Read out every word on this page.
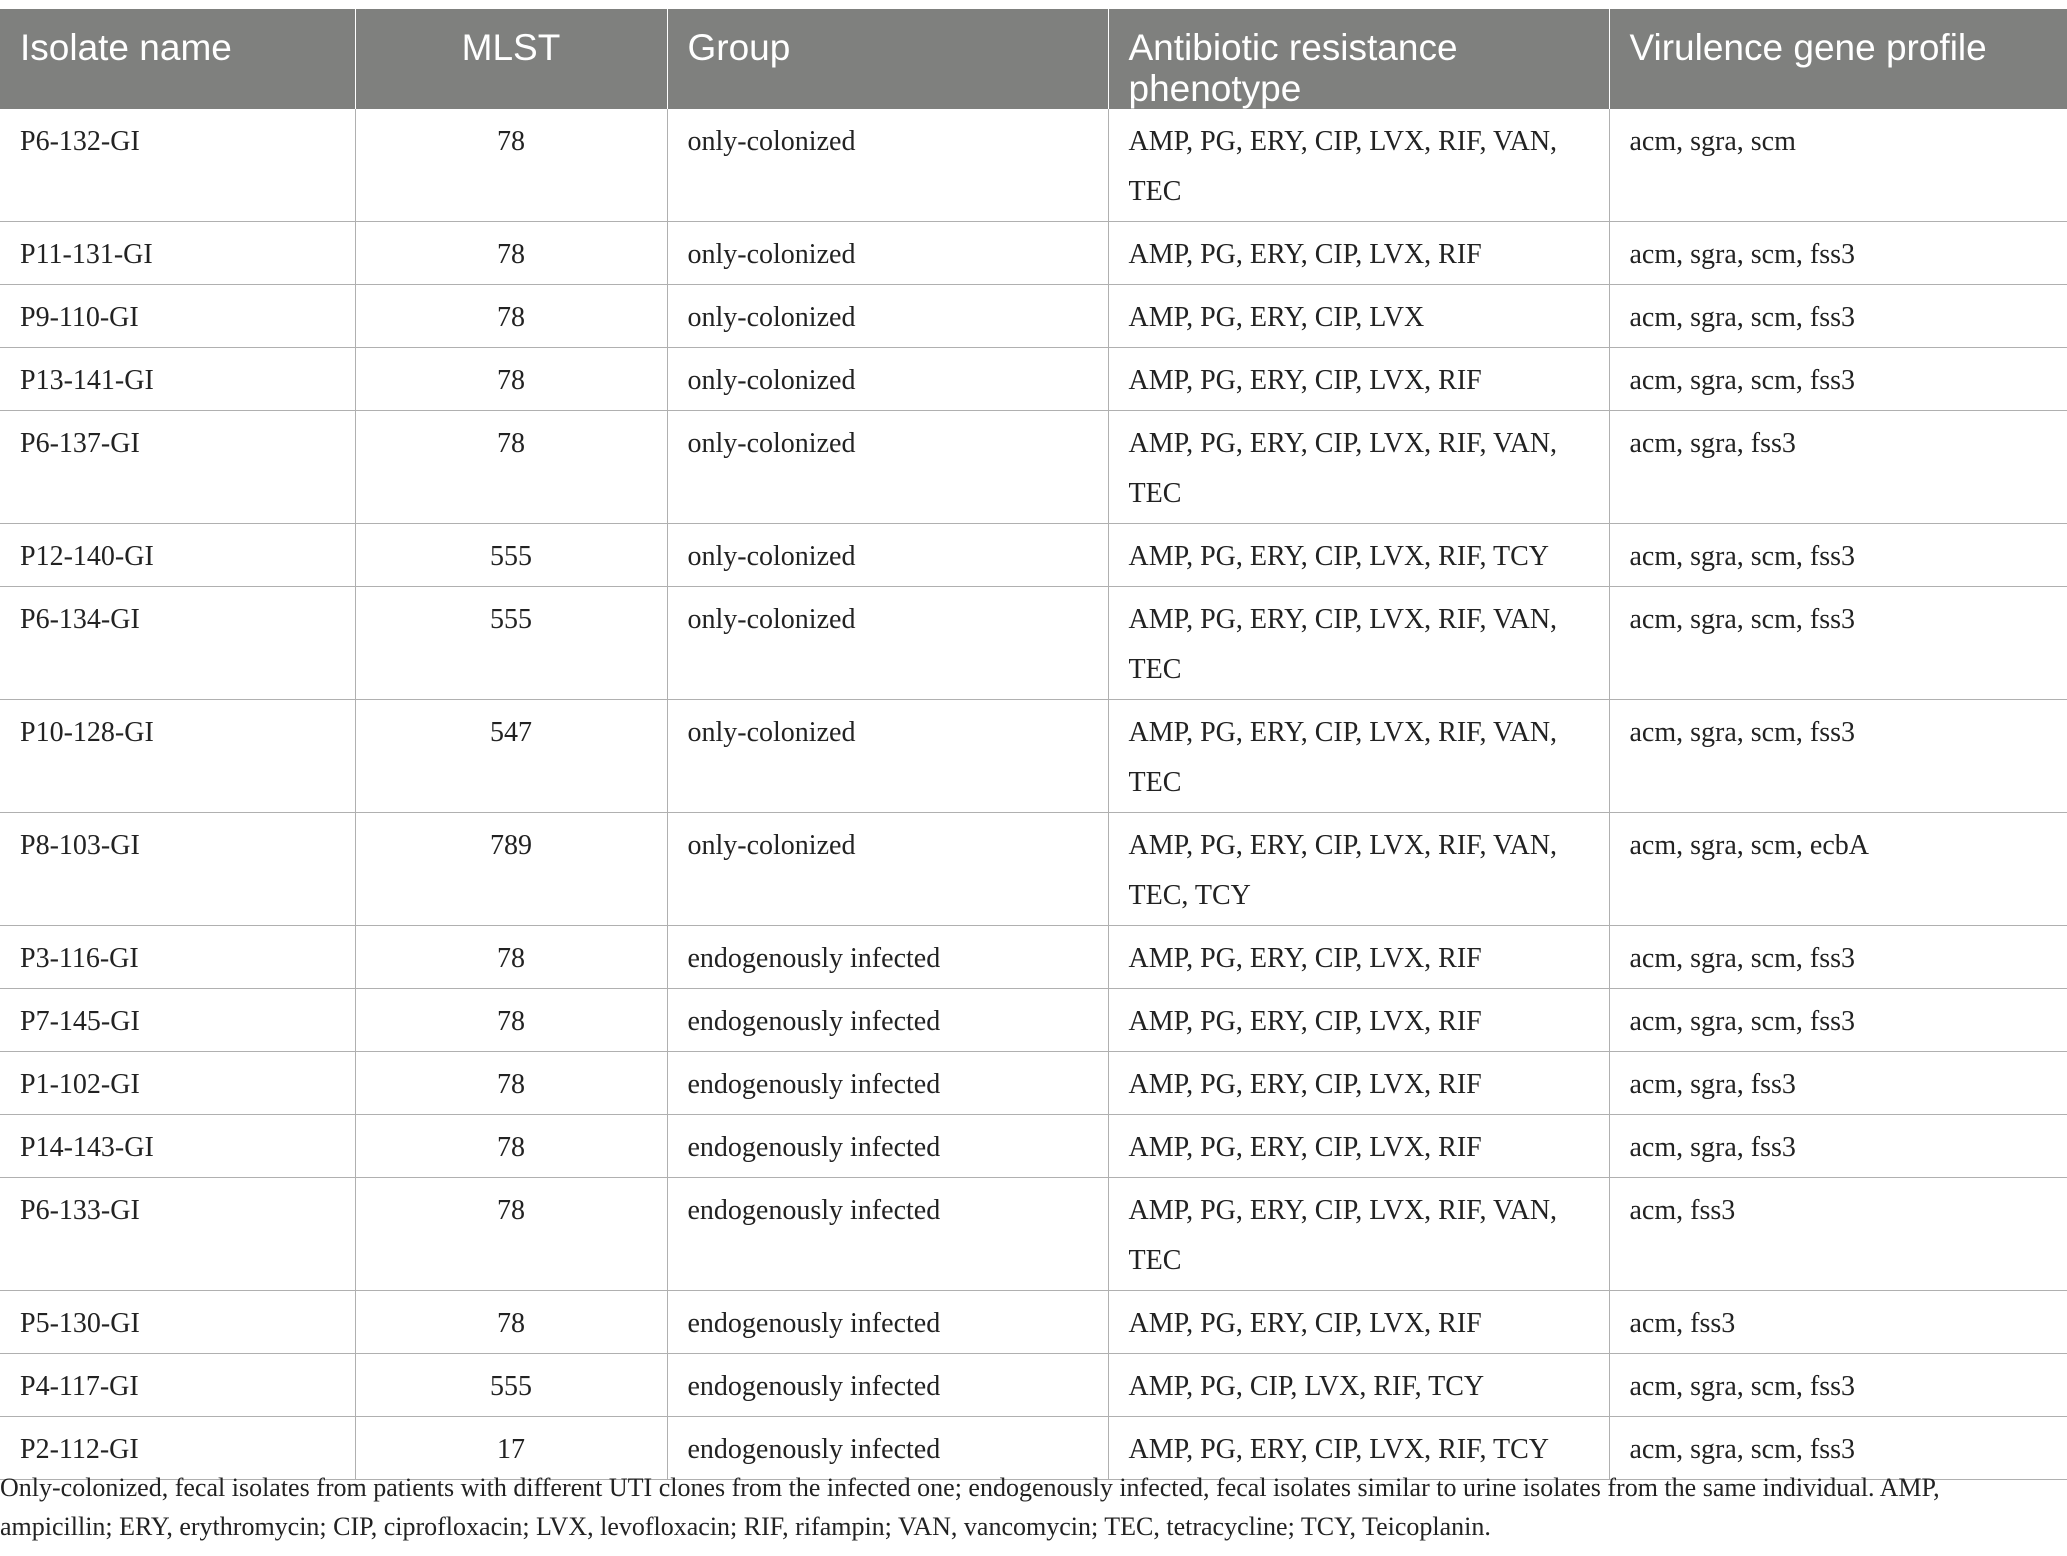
Isolate name	MLST	Group	Antibiotic resistance phenotype	Virulence gene profile
P6-132-GI	78	only-colonized	AMP, PG, ERY, CIP, LVX, RIF, VAN, TEC	acm, sgra, scm
P11-131-GI	78	only-colonized	AMP, PG, ERY, CIP, LVX, RIF	acm, sgra, scm, fss3
P9-110-GI	78	only-colonized	AMP, PG, ERY, CIP, LVX	acm, sgra, scm, fss3
P13-141-GI	78	only-colonized	AMP, PG, ERY, CIP, LVX, RIF	acm, sgra, scm, fss3
P6-137-GI	78	only-colonized	AMP, PG, ERY, CIP, LVX, RIF, VAN, TEC	acm, sgra, fss3
P12-140-GI	555	only-colonized	AMP, PG, ERY, CIP, LVX, RIF, TCY	acm, sgra, scm, fss3
P6-134-GI	555	only-colonized	AMP, PG, ERY, CIP, LVX, RIF, VAN, TEC	acm, sgra, scm, fss3
P10-128-GI	547	only-colonized	AMP, PG, ERY, CIP, LVX, RIF, VAN, TEC	acm, sgra, scm, fss3
P8-103-GI	789	only-colonized	AMP, PG, ERY, CIP, LVX, RIF, VAN, TEC, TCY	acm, sgra, scm, ecbA
P3-116-GI	78	endogenously infected	AMP, PG, ERY, CIP, LVX, RIF	acm, sgra, scm, fss3
P7-145-GI	78	endogenously infected	AMP, PG, ERY, CIP, LVX, RIF	acm, sgra, scm, fss3
P1-102-GI	78	endogenously infected	AMP, PG, ERY, CIP, LVX, RIF	acm, sgra, fss3
P14-143-GI	78	endogenously infected	AMP, PG, ERY, CIP, LVX, RIF	acm, sgra, fss3
P6-133-GI	78	endogenously infected	AMP, PG, ERY, CIP, LVX, RIF, VAN, TEC	acm, fss3
P5-130-GI	78	endogenously infected	AMP, PG, ERY, CIP, LVX, RIF	acm, fss3
P4-117-GI	555	endogenously infected	AMP, PG, CIP, LVX, RIF, TCY	acm, sgra, scm, fss3
P2-112-GI	17	endogenously infected	AMP, PG, ERY, CIP, LVX, RIF, TCY	acm, sgra, scm, fss3
Only-colonized, fecal isolates from patients with different UTI clones from the infected one; endogenously infected, fecal isolates similar to urine isolates from the same individual. AMP, ampicillin; ERY, erythromycin; CIP, ciprofloxacin; LVX, levofloxacin; RIF, rifampin; VAN, vancomycin; TEC, tetracycline; TCY, Teicoplanin.
